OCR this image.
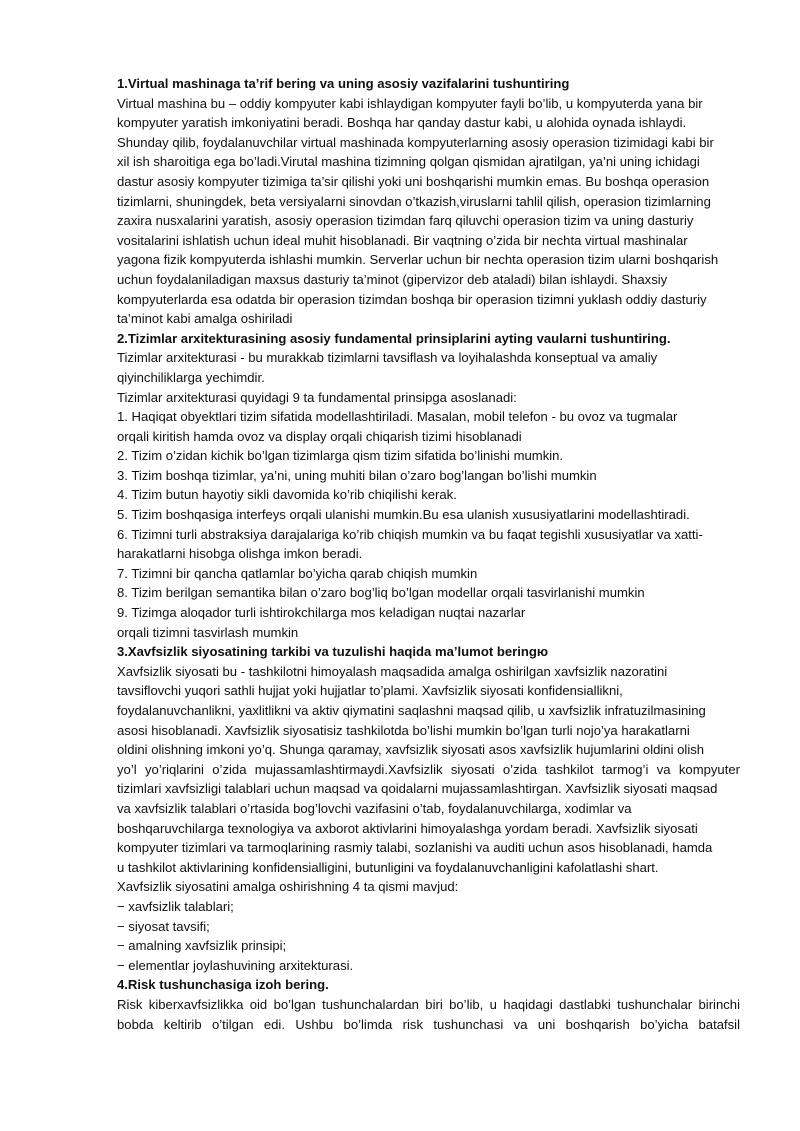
1.Virtual mashinaga ta’rif bering va uning asosiy vazifalarini tushuntiring
Virtual mashina bu – oddiy kompyuter kabi ishlaydigan kompyuter fayli bo’lib, u kompyuterda yana bir
kompyuter yaratish imkoniyatini beradi. Boshqa har qanday dastur kabi, u alohida oynada ishlaydi.
Shunday qilib, foydalanuvchilar virtual mashinada kompyuterlarning asosiy operasion tizimidagi kabi bir
xil ish sharoitiga ega bo’ladi.Virutal mashina tizimning qolgan qismidan ajratilgan, ya’ni uning ichidagi
dastur asosiy kompyuter tizimiga ta’sir qilishi yoki uni boshqarishi mumkin emas. Bu boshqa operasion
tizimlarni, shuningdek, beta versiyalarni sinovdan o’tkazish,viruslarni tahlil qilish, operasion tizimlarning
zaxira nusxalarini yaratish, asosiy operasion tizimdan farq qiluvchi operasion tizim va uning dasturiy
vositalarini ishlatish uchun ideal muhit hisoblanadi. Bir vaqtning o’zida bir nechta virtual mashinalar
yagona fizik kompyuterda ishlashi mumkin. Serverlar uchun bir nechta operasion tizim ularni boshqarish
uchun foydalaniladigan maxsus dasturiy ta’minot (gipervizor deb ataladi) bilan ishlaydi. Shaxsiy
kompyuterlarda esa odatda bir operasion tizimdan boshqa bir operasion tizimni yuklash oddiy dasturiy
ta’minot kabi amalga oshiriladi
2.Tizimlar arxitekturasining asosiy fundamental prinsiplarini ayting vaularni tushuntiring.
Tizimlar arxitekturasi - bu murakkab tizimlarni tavsiflash va loyihalashda konseptual va amaliy
qiyinchiliklarga yechimdir.
Tizimlar arxitekturasi quyidagi 9 ta fundamental prinsipga asoslanadi:
1. Haqiqat obyektlari tizim sifatida modellashtiriladi. Masalan, mobil telefon - bu ovoz va tugmalar
orqali kiritish hamda ovoz va display orqali chiqarish tizimi hisoblanadi
2. Tizim o’zidan kichik bo’lgan tizimlarga qism tizim sifatida bo’linishi mumkin.
3. Tizim boshqa tizimlar, ya’ni, uning muhiti bilan o’zaro bog’langan bo’lishi mumkin
4. Tizim butun hayotiy sikli davomida ko’rib chiqilishi kerak.
5. Tizim boshqasiga interfeys orqali ulanishi mumkin.Bu esa ulanish xususiyatlarini modellashtiradi.
6. Tizimni turli abstraksiya darajalariga ko’rib chiqish mumkin va bu faqat tegishli xususiyatlar va xatti-
harakatlarni hisobga olishga imkon beradi.
7. Tizimni bir qancha qatlamlar bo’yicha qarab chiqish mumkin
8. Tizim berilgan semantika bilan o’zaro bog’liq bo’lgan modellar orqali tasvirlanishi mumkin
9. Tizimga aloqador turli ishtirokchilarga mos keladigan nuqtai nazarlar
orqali tizimni tasvirlash mumkin
3.Xavfsizlik siyosatining tarkibi va tuzulishi haqida ma’lumot beringю
Xavfsizlik siyosati bu - tashkilotni himoyalash maqsadida amalga oshirilgan xavfsizlik nazoratini
tavsiflovchi yuqori sathli hujjat yoki hujjatlar to’plami. Xavfsizlik siyosati konfidensiallikni,
foydalanuvchanlikni, yaxlitlikni va aktiv qiymatini saqlashni maqsad qilib, u xavfsizlik infratuzilmasining
asosi hisoblanadi. Xavfsizlik siyosatisiz tashkilotda bo’lishi mumkin bo’lgan turli nojo’ya harakatlarni
oldini olishning imkoni yo’q. Shunga qaramay, xavfsizlik siyosati asos xavfsizlik hujumlarini oldini olish
yo’l yo’riqlarini o’zida mujassamlashtirmaydi.Xavfsizlik siyosati o’zida tashkilot tarmog’i va kompyuter
tizimlari xavfsizligi talablari uchun maqsad va qoidalarni mujassamlashtirgan. Xavfsizlik siyosati maqsad
va xavfsizlik talablari o’rtasida bog’lovchi vazifasini o’tab, foydalanuvchilarga, xodimlar va
boshqaruvchilarga texnologiya va axborot aktivlarini himoyalashga yordam beradi. Xavfsizlik siyosati
kompyuter tizimlari va tarmoqlarining rasmiy talabi, sozlanishi va auditi uchun asos hisoblanadi, hamda
u tashkilot aktivlarining konfidensialligini, butunligini va foydalanuvchanligini kafolatlashi shart.
Xavfsizlik siyosatini amalga oshirishning 4 ta qismi mavjud:
− xavfsizlik talablari;
− siyosat tavsifi;
− amalning xavfsizlik prinsipi;
− elementlar joylashuvining arxitekturasi.
4.Risk tushunchasiga izoh bering.
Risk kiberxavfsizlikka oid bo’lgan tushunchalardan biri bo’lib, u haqidagi dastlabki tushunchalar birinchi
bobda keltirib o’tilgan edi. Ushbu bo’limda risk tushunchasi va uni boshqarish bo’yicha batafsil
